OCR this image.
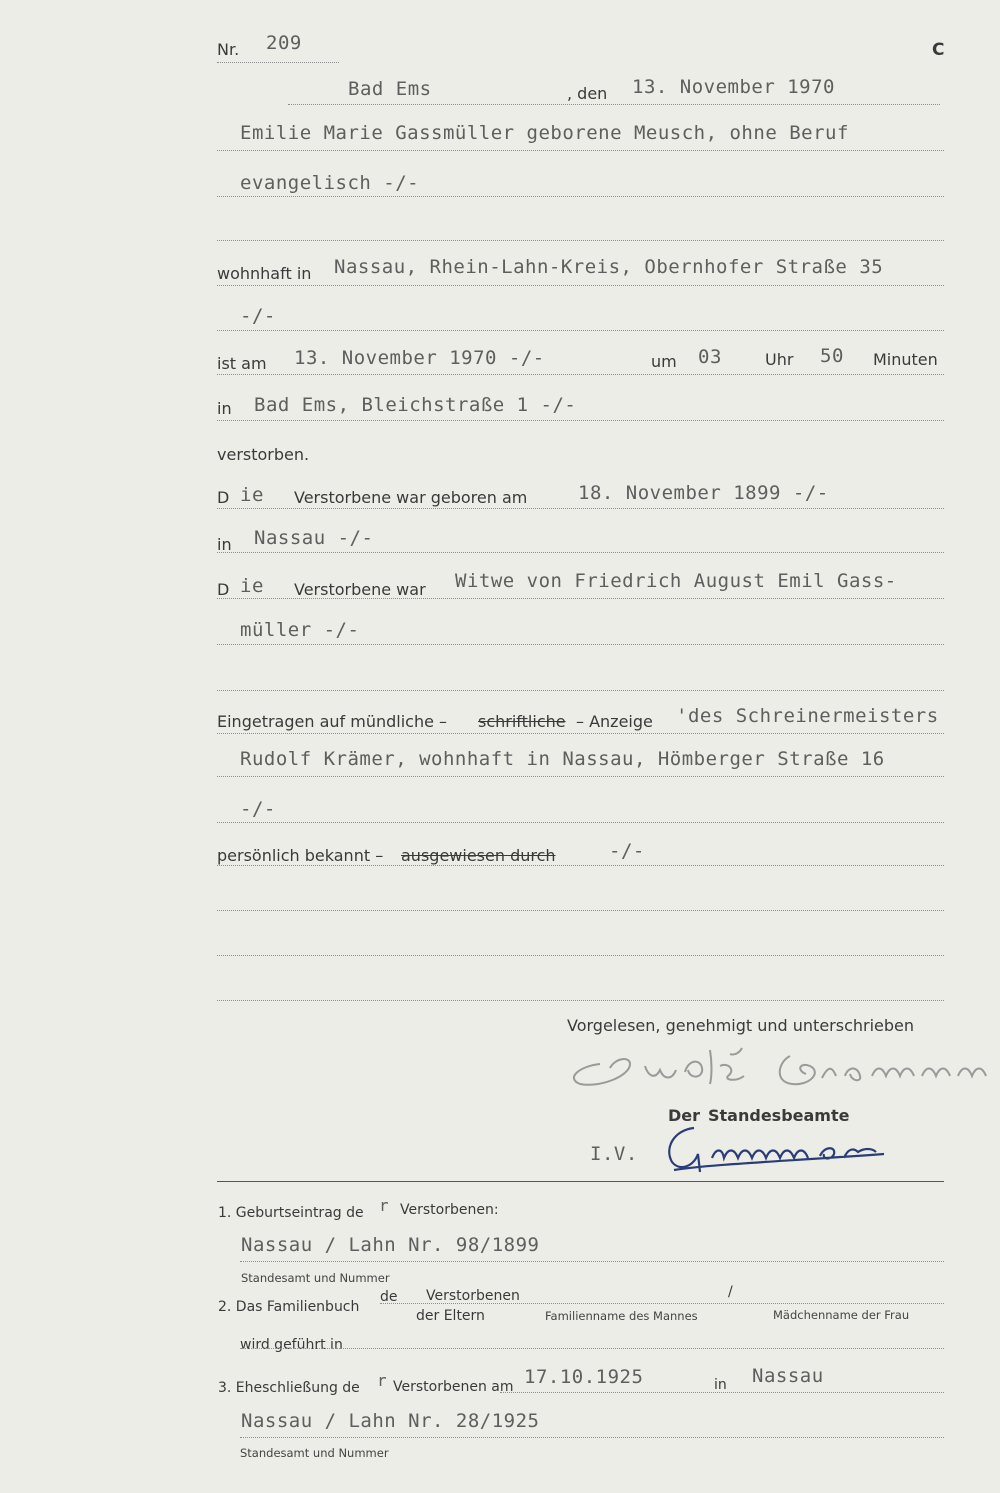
Nr. 209	C
Bad Ems	, den 13. November 1970
Emilie Marie Gassmüller geborene Meusch, ohne Beruf
evangelisch -/-
wohnhaft in Nassau, Rhein-Lahn-Kreis, Obernhofer Straße 35
-/-
ist am 13. November 1970 -/-	um 03	Uhr 50 Minuten
in Bad Ems, Bleichstraße 1 -/-
verstorben.
D ie Verstorbene war geboren am	18. November 1899 -/-
in Nassau -/-
D ie Verstorbene war Witwe von Friedrich August Emil Gass-
müller -/-
Eingetragen auf mündliche – schriftliche – Anzeige 'des Schreinermeisters
Rudolf Krämer, wohnhaft in Nassau, Hömberger Straße 16
-/-
persönlich bekannt – ausgewiesen durch	-/-
Vorgelesen, genehmigt und unterschrieben
Der Standesbeamte
I.V.
1. Geburtseintrag de r Verstorbenen:
Nassau / Lahn Nr. 98/1899
Standesamt und Nummer
2. Das Familienbuch
de Verstorbenen	/
der Eltern	Familienname des Mannes	Mädchenname der Frau
wird geführt in
3. Eheschließung de r Verstorbenen am 17.10.1925	in Nassau
Nassau / Lahn Nr. 28/1925
Standesamt und Nummer
